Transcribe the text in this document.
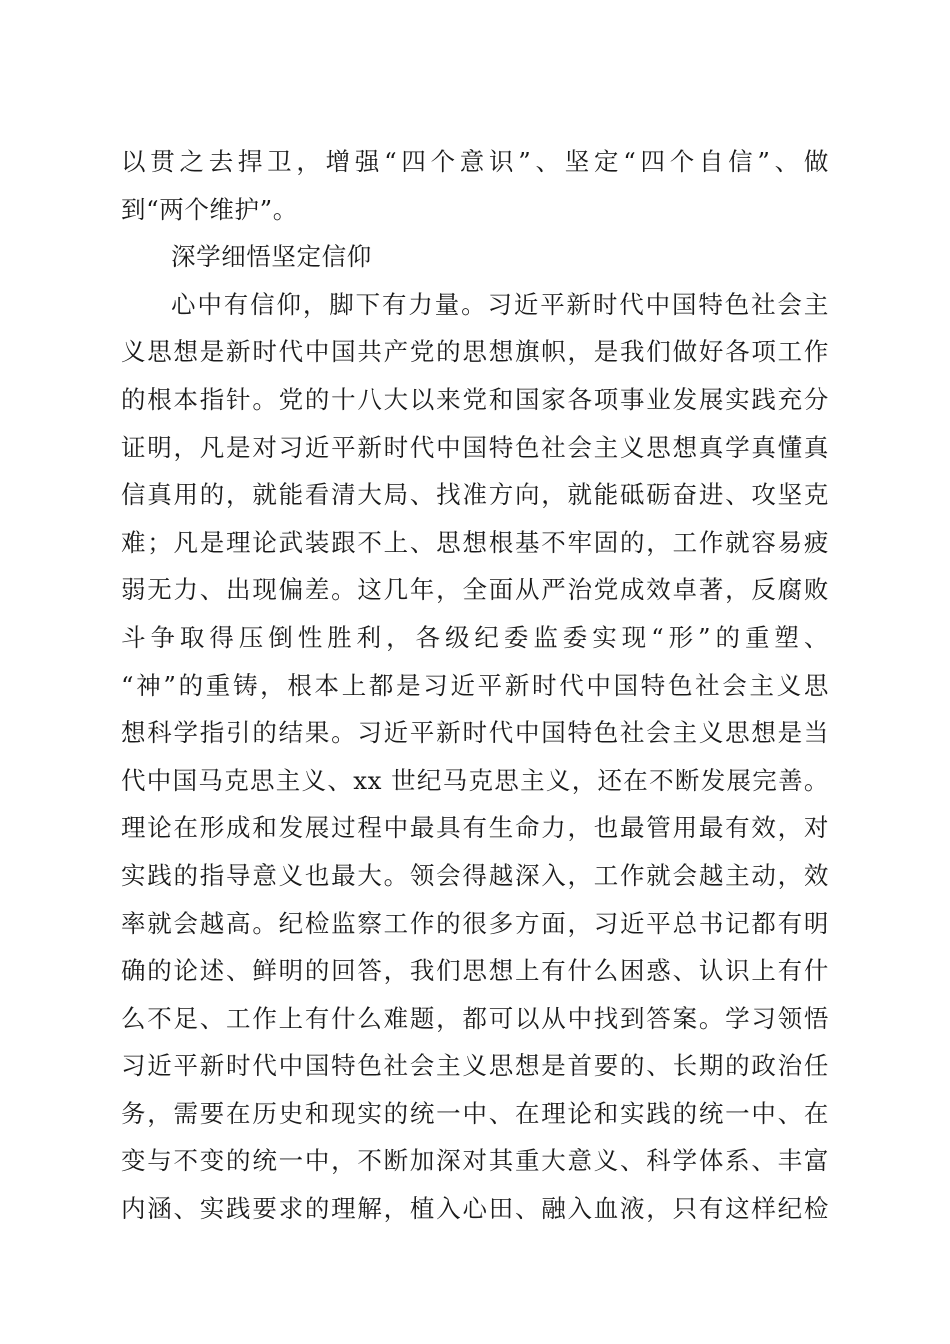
以贯之去捍卫，增强“四个意识”、坚定“四个自信”、做
到“两个维护”。
深学细悟坚定信仰
心中有信仰，脚下有力量。习近平新时代中国特色社会主
义思想是新时代中国共产党的思想旗帜，是我们做好各项工作
的根本指针。党的十八大以来党和国家各项事业发展实践充分
证明，凡是对习近平新时代中国特色社会主义思想真学真懂真
信真用的，就能看清大局、找准方向，就能砥砺奋进、攻坚克
难；凡是理论武装跟不上、思想根基不牢固的，工作就容易疲
弱无力、出现偏差。这几年，全面从严治党成效卓著，反腐败
斗争取得压倒性胜利，各级纪委监委实现“形”的重塑、
“神”的重铸，根本上都是习近平新时代中国特色社会主义思
想科学指引的结果。习近平新时代中国特色社会主义思想是当
代中国马克思主义、xx 世纪马克思主义，还在不断发展完善。
理论在形成和发展过程中最具有生命力，也最管用最有效，对
实践的指导意义也最大。领会得越深入，工作就会越主动，效
率就会越高。纪检监察工作的很多方面，习近平总书记都有明
确的论述、鲜明的回答，我们思想上有什么困惑、认识上有什
么不足、工作上有什么难题，都可以从中找到答案。学习领悟
习近平新时代中国特色社会主义思想是首要的、长期的政治任
务，需要在历史和现实的统一中、在理论和实践的统一中、在
变与不变的统一中，不断加深对其重大意义、科学体系、丰富
内涵、实践要求的理解，植入心田、融入血液，只有这样纪检
